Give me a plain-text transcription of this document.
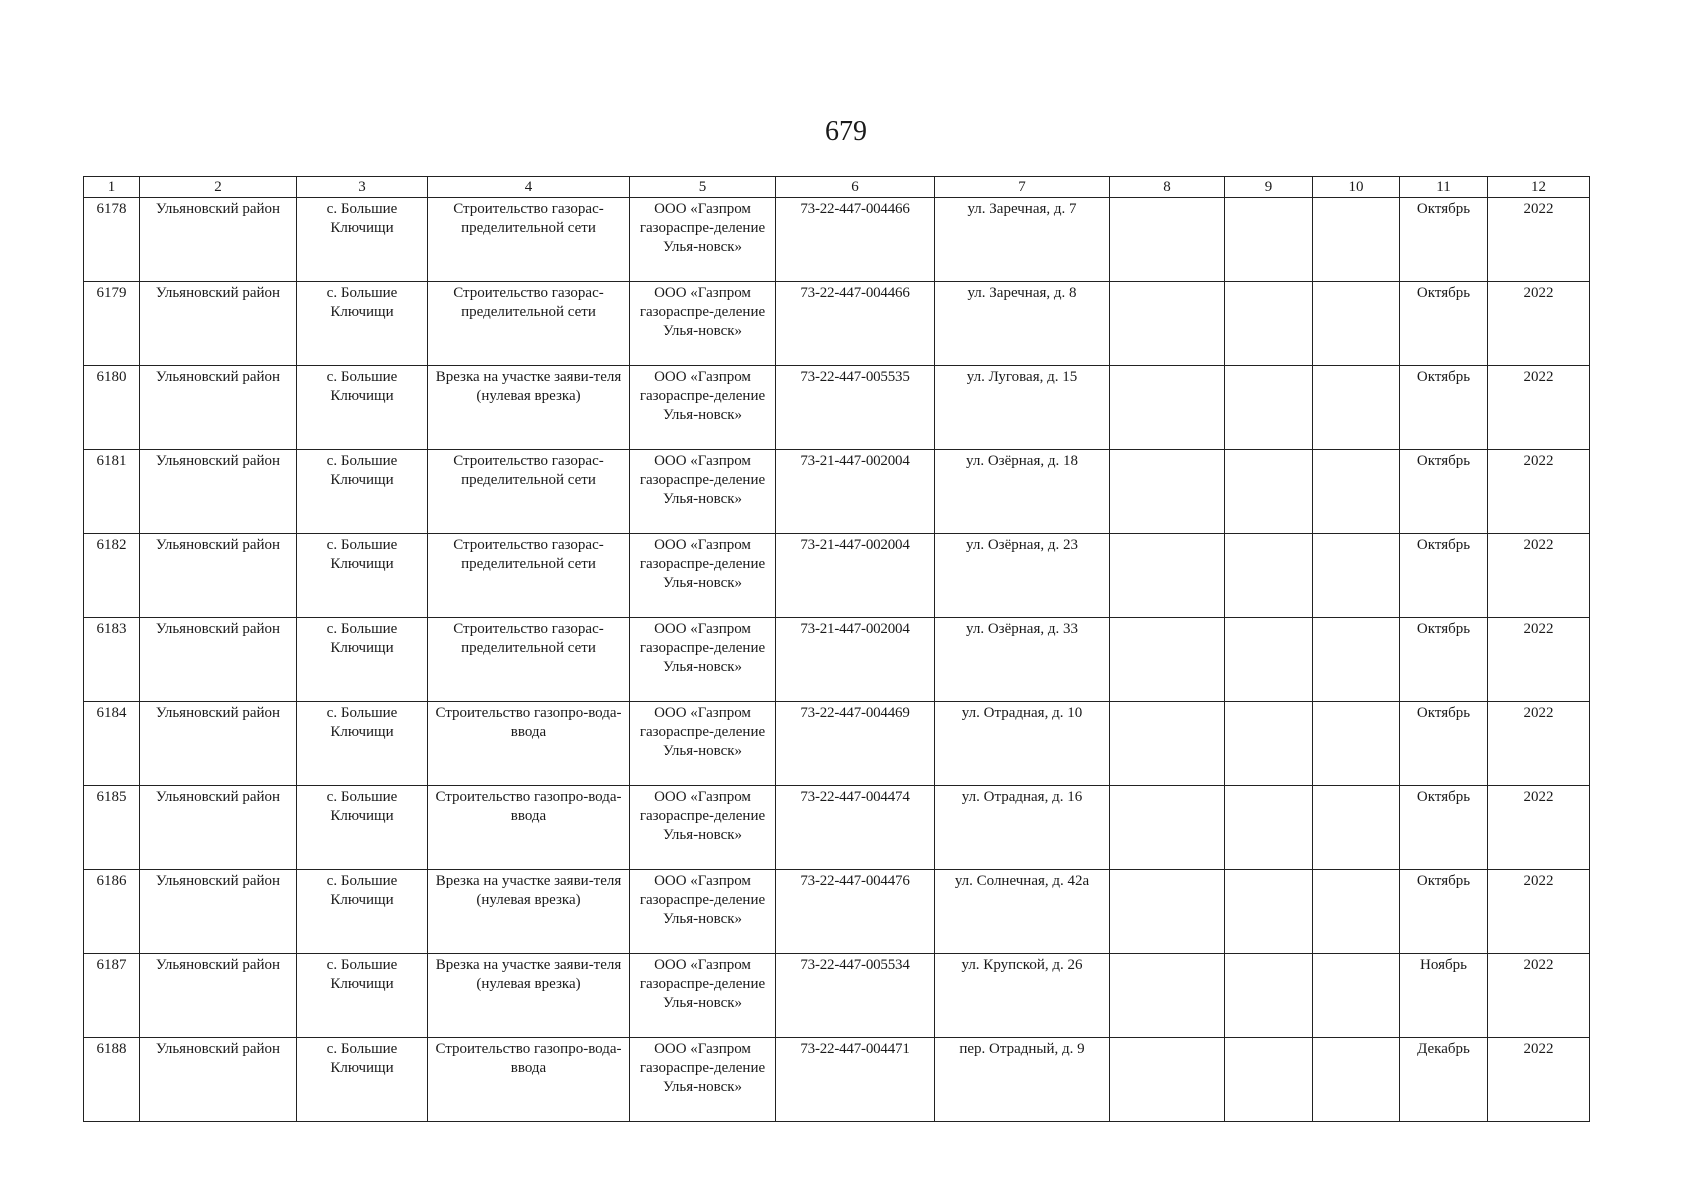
679
1	2	3	4	5	6	7	8	9	10	11	12
6178	Ульяновский район	с. Большие Ключищи	Строительство газорас-пределительной сети	ООО «Газпром газораспре-деление Улья-новск»	73-22-447-004466	ул. Заречная, д. 7				Октябрь	2022
6179	Ульяновский район	с. Большие Ключищи	Строительство газорас-пределительной сети	ООО «Газпром газораспре-деление Улья-новск»	73-22-447-004466	ул. Заречная, д. 8				Октябрь	2022
6180	Ульяновский район	с. Большие Ключищи	Врезка на участке заяви-теля (нулевая врезка)	ООО «Газпром газораспре-деление Улья-новск»	73-22-447-005535	ул. Луговая, д. 15				Октябрь	2022
6181	Ульяновский район	с. Большие Ключищи	Строительство газорас-пределительной сети	ООО «Газпром газораспре-деление Улья-новск»	73-21-447-002004	ул. Озёрная, д. 18				Октябрь	2022
6182	Ульяновский район	с. Большие Ключищи	Строительство газорас-пределительной сети	ООО «Газпром газораспре-деление Улья-новск»	73-21-447-002004	ул. Озёрная, д. 23				Октябрь	2022
6183	Ульяновский район	с. Большие Ключищи	Строительство газорас-пределительной сети	ООО «Газпром газораспре-деление Улья-новск»	73-21-447-002004	ул. Озёрная, д. 33				Октябрь	2022
6184	Ульяновский район	с. Большие Ключищи	Строительство газопро-вода-ввода	ООО «Газпром газораспре-деление Улья-новск»	73-22-447-004469	ул. Отрадная, д. 10				Октябрь	2022
6185	Ульяновский район	с. Большие Ключищи	Строительство газопро-вода-ввода	ООО «Газпром газораспре-деление Улья-новск»	73-22-447-004474	ул. Отрадная, д. 16				Октябрь	2022
6186	Ульяновский район	с. Большие Ключищи	Врезка на участке заяви-теля (нулевая врезка)	ООО «Газпром газораспре-деление Улья-новск»	73-22-447-004476	ул. Солнечная, д. 42а				Октябрь	2022
6187	Ульяновский район	с. Большие Ключищи	Врезка на участке заяви-теля (нулевая врезка)	ООО «Газпром газораспре-деление Улья-новск»	73-22-447-005534	ул. Крупской, д. 26				Ноябрь	2022
6188	Ульяновский район	с. Большие Ключищи	Строительство газопро-вода-ввода	ООО «Газпром газораспре-деление Улья-новск»	73-22-447-004471	пер. Отрадный, д. 9				Декабрь	2022
